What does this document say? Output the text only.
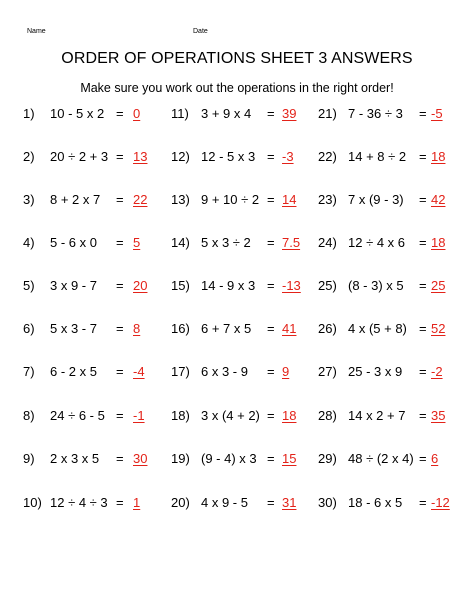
Name	Date
ORDER OF OPERATIONS SHEET 3 ANSWERS
Make sure you work out the operations in the right order!
1) 10 - 5 x 2 = 0
2) 20 ÷ 2 + 3 = 13
3) 8 + 2 x 7 = 22
4) 5 - 6 x 0 = 5
5) 3 x 9 - 7 = 20
6) 5 x 3 - 7 = 8
7) 6 - 2 x 5 = -4
8) 24 ÷ 6 - 5 = -1
9) 2 x 3 x 5 = 30
10) 12 ÷ 4 ÷ 3 = 1
11) 3 + 9 x 4 = 39
12) 12 - 5 x 3 = -3
13) 9 + 10 ÷ 2 = 14
14) 5 x 3 ÷ 2 = 7.5
15) 14 - 9 x 3 = -13
16) 6 + 7 x 5 = 41
17) 6 x 3 - 9 = 9
18) 3 x (4 + 2) = 18
19) (9 - 4) x 3 = 15
20) 4 x 9 - 5 = 31
21) 7 - 36 ÷ 3 = -5
22) 14 + 8 ÷ 2 = 18
23) 7 x (9 - 3) = 42
24) 12 ÷ 4 x 6 = 18
25) (8 - 3) x 5 = 25
26) 4 x (5 + 8) = 52
27) 25 - 3 x 9 = -2
28) 14 x 2 + 7 = 35
29) 48 ÷ (2 x 4) = 6
30) 18 - 6 x 5 = -12
